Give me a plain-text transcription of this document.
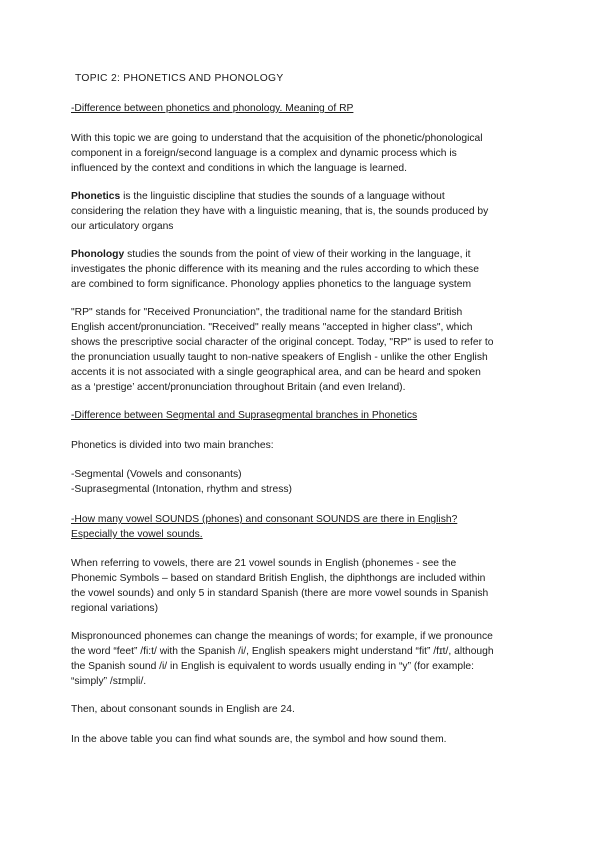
TOPIC 2: PHONETICS AND PHONOLOGY
-Difference between phonetics and phonology. Meaning of RP
With this topic we are going to understand that the acquisition of the phonetic/phonological
component in a foreign/second language is a complex and dynamic process which is
influenced by the context and conditions in which the language is learned.
Phonetics is the linguistic discipline that studies the sounds of a language without
considering the relation they have with a linguistic meaning, that is, the sounds produced by
our articulatory organs
Phonology studies the sounds from the point of view of their working in the language, it
investigates the phonic difference with its meaning and the rules according to which these
are combined to form significance. Phonology applies phonetics to the language system
"RP" stands for "Received Pronunciation", the traditional name for the standard British
English accent/pronunciation. "Received" really means "accepted in higher class", which
shows the prescriptive social character of the original concept. Today, "RP" is used to refer to
the pronunciation usually taught to non-native speakers of English - unlike the other English
accents it is not associated with a single geographical area, and can be heard and spoken
as a ‘prestige’ accent/pronunciation throughout Britain (and even Ireland).
-Difference between Segmental and Suprasegmental branches in Phonetics
Phonetics is divided into two main branches:
-Segmental (Vowels and consonants)
-Suprasegmental (Intonation, rhythm and stress)
-How many vowel SOUNDS (phones) and consonant SOUNDS are there in English?
Especially the vowel sounds.
When referring to vowels, there are 21 vowel sounds in English (phonemes - see the
Phonemic Symbols – based on standard British English, the diphthongs are included within
the vowel sounds) and only 5 in standard Spanish (there are more vowel sounds in Spanish
regional variations)
Mispronounced phonemes can change the meanings of words; for example, if we pronounce
the word “feet” /fi:t/ with the Spanish /i/, English speakers might understand “fit” /fɪt/, although
the Spanish sound /i/ in English is equivalent to words usually ending in “y” (for example:
“simply” /sɪmpli/.
Then, about consonant sounds in English are 24.
In the above table you can find what sounds are, the symbol and how sound them.
